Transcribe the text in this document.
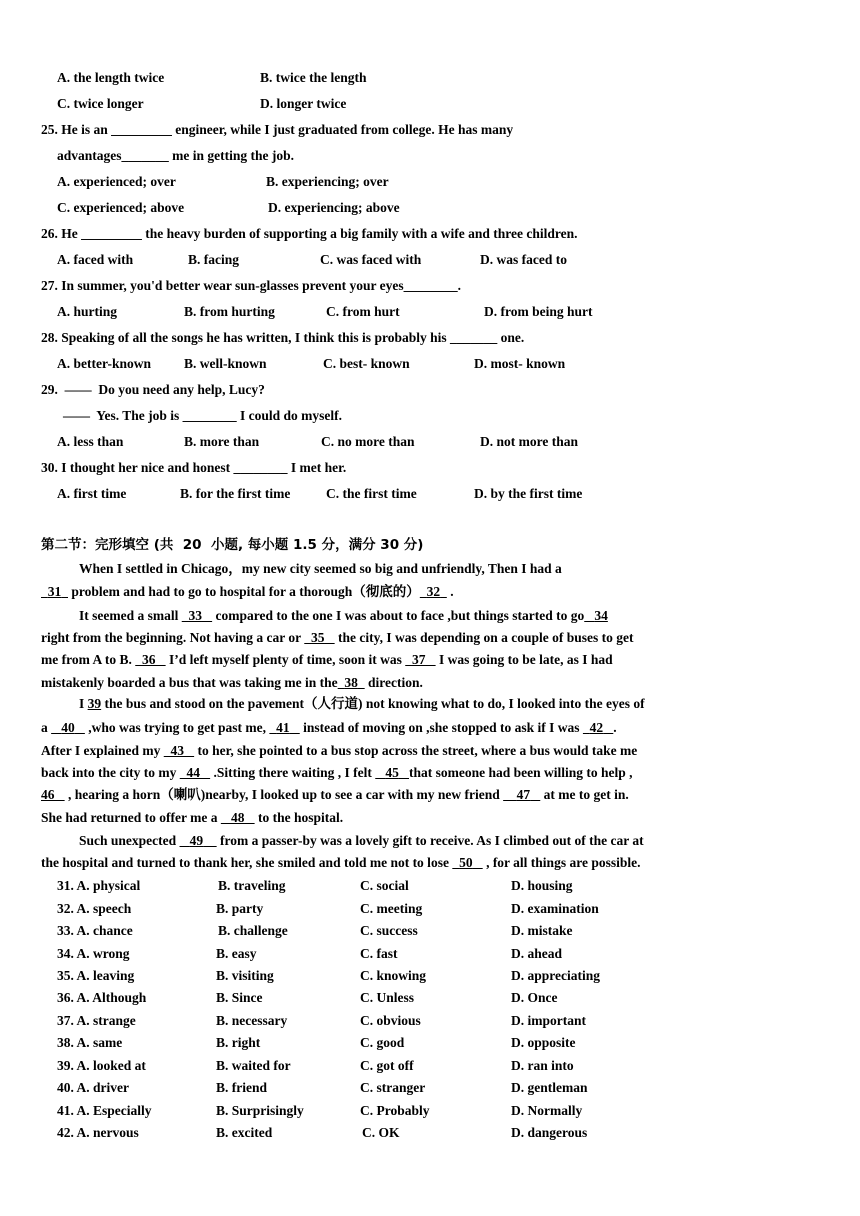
A. the length twice	B. twice the length
C. twice longer	D. longer twice
25. He is an _________ engineer, while I just graduated from college. He has many
advantages_______ me in getting the job.
A. experienced; over	B. experiencing; over
C. experienced; above	D. experiencing; above
26. He _________ the heavy burden of supporting a big family with a wife and three children.
A. faced with	B. facing	C. was faced with	D. was faced to
27. In summer, you'd better wear sun-glasses prevent your eyes________.
A. hurting	B. from hurting	C. from hurt	D. from being hurt
28. Speaking of all the songs he has written, I think this is probably his _______ one.
A. better-known B. well-known	C. best- known	D. most- known
29.  ——  Do you need any help, Lucy?
——  Yes. The job is ________ I could do myself.
A. less than	B. more than	C. no more than	D. not more than
30. I thought her nice and honest ________ I met her.
A. first time	B. for the first time	C. the first time	D. by the first time
第二节：完形填空 (共  20  小题, 每小题 1.5 分，满分 30 分)
When I settled in Chicago，my new city seemed so big and unfriendly, Then I had a
31   problem and had to go to hospital for a thorough（彻底的） 32   .
It seemed a small   33    compared to the one I was about to face ,but things started to go 34
right from the beginning. Not having a car or   35    the city, I was depending on a couple of buses to get
me from A to B.   36    I’d left myself plenty of time, soon it was   37    I was going to be late, as I had
mistakenly boarded a bus that was taking me in the 38   direction.
I 39 the bus and stood on the pavement（人行道) not knowing what to do, I looked into the eyes of
a    40    ,who was trying to get past me,   41    instead of moving on ,she stopped to ask if I was   42 .
After I explained my   43    to her, she pointed to a bus stop across the street, where a bus would take me
back into the city to my   44    .Sitting there waiting , I felt    45 that someone had been willing to help ,
46    , hearing a horn（喇叭)nearby, I looked up to see a car with my new friend     47    at me to get in.
She had returned to offer me a    48    to the hospital.
Such unexpected    49     from a passer-by was a lovely gift to receive. As I climbed out of the car at
the hospital and turned to thank her, she smiled and told me not to lose   50    , for all things are possible.
31. A. physical	B. traveling	C. social	D. housing
32. A. speech	B. party	C. meeting	D. examination
33. A. chance	B. challenge	C. success	D. mistake
34. A. wrong	B. easy	C. fast	D. ahead
35. A. leaving	B. visiting	C. knowing	D. appreciating
36. A. Although	B. Since	C. Unless	D. Once
37. A. strange	B. necessary	C. obvious	D. important
38. A. same	B. right	C. good	D. opposite
39. A. looked at	B. waited for	C. got off	D. ran into
40. A. driver	B. friend	C. stranger	D. gentleman
41. A. Especially	B. Surprisingly	C. Probably	D. Normally
42. A. nervous	B. excited	C. OK	D. dangerous
